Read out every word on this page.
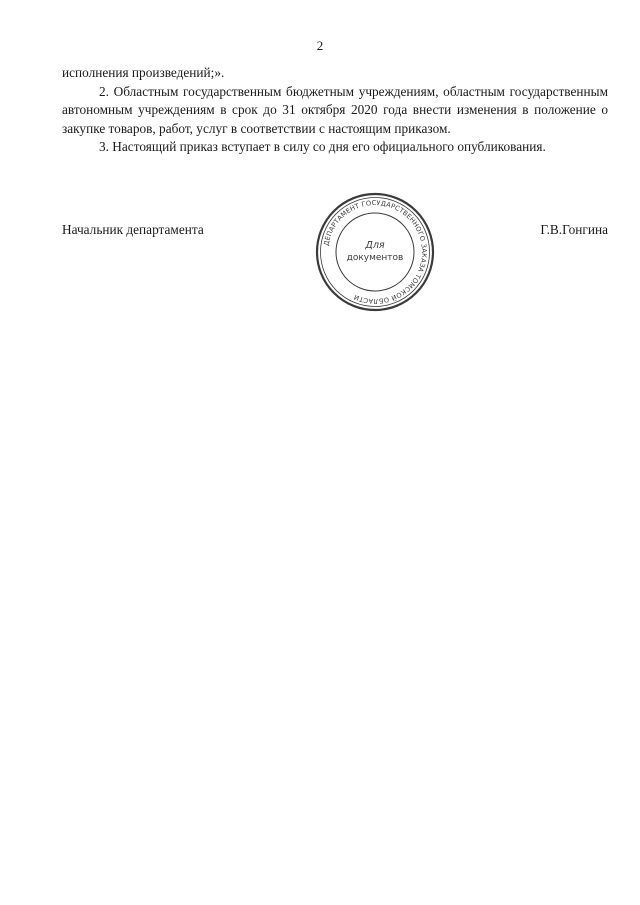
2

исполнения произведений;».

2. Областным государственным бюджетным учреждениям, областным государственным автономным учреждениям в срок до 31 октября 2020 года внести изменения в положение о закупке товаров, работ, услуг в соответствии с настоящим приказом.

3. Настоящий приказ вступает в силу со дня его официального опубликования.

Начальник департамента	Г.В.Гонгина
ДЕПАРТАМЕНТ ГОСУДАРСТВЕННОГО ЗАКАЗА ТОМСКОЙ ОБЛАСТИ
Для
документов
